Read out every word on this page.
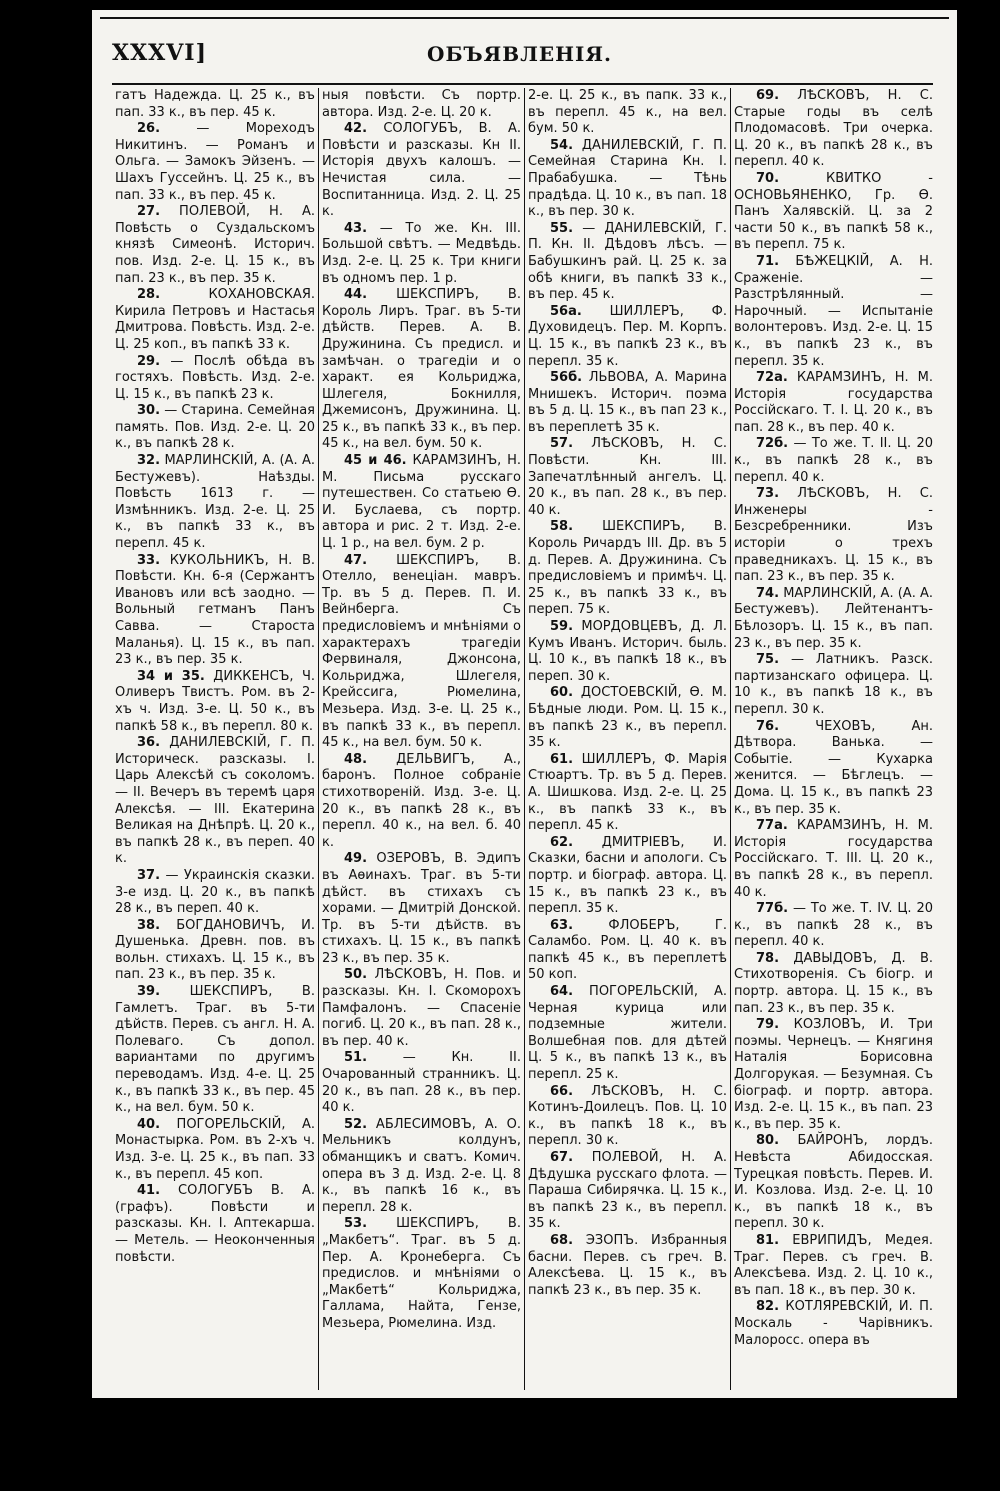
XXXVI]	ОБЪЯВЛЕНІЯ.

гатъ Надежда. Ц. 25 к., въ пап. 33 к., въ пер. 45 к.

26.	— Мореходъ Никитинъ. — Романъ и Ольга. — Замокъ Эйзенъ. — Шахъ Гуссейнъ. Ц. 25 к., въ пап. 33 к., въ пер. 45 к.

27. ПОЛЕВОЙ, Н. А. Повѣсть о Суздальскомъ князѣ Симеонѣ. Историч. пов. Изд. 2-е. Ц. 15 к., въ пап. 23 к., въ пер. 35 к.

28.	КОХАНОВСКАЯ. Кирила Петровъ и Настасья Дмитрова. Повѣсть. Изд. 2-е. Ц. 25 коп., въ папкѣ 33 к.

29. — Послѣ обѣда въ гостяхъ. Повѣсть. Изд. 2-е. Ц. 15 к., въ папкѣ 23 к.

30. — Старина. Семейная память. Пов. Изд. 2-е. Ц. 20 к., въ папкѣ 28 к.

32. МАРЛИНСКІЙ, А. (А. А. Бестужевъ). Наѣзды. Повѣсть 1613 г. — Измѣнникъ. Изд. 2-е. Ц. 25 к., въ папкѣ 33 к., въ перепл. 45 к.

33. КУКОЛЬНИКЪ, Н. В. Повѣсти. Кн. 6-я (Сержантъ Ивановъ или всѣ заодно. — Вольный гетманъ Панъ Савва. — Староста Маланья). Ц. 15 к., въ пап. 23 к., въ пер. 35 к.

34 и 35. ДИККЕНСЪ, Ч. Оливеръ Твистъ. Ром. въ 2-хъ ч. Изд. 3-е. Ц. 50 к., въ папкѣ 58 к., въ перепл. 80 к.

36. ДАНИЛЕВСКІЙ, Г. П. Историческ. разсказы. I. Царь Алексѣй съ соколомъ. — II. Вечеръ въ теремѣ царя Алексѣя. — III. Екатерина Великая на Днѣпрѣ. Ц. 20 к., въ папкѣ 28 к., въ переп. 40 к.

37. — Украинскія сказки. 3-е изд. Ц. 20 к., въ папкѣ 28 к., въ переп. 40 к.

38. БОГДАНОВИЧЪ, И. Душенька. Древн. пов. въ вольн. стихахъ. Ц. 15 к., въ пап. 23 к., въ пер. 35 к.

39. ШЕКСПИРЪ, В. Гамлетъ. Траг. въ 5-ти дѣйств. Перев. съ англ. Н. А. Полеваго. Съ допол. вариантами по другимъ переводамъ. Изд. 4-е. Ц. 25 к., въ папкѣ 33 к., въ пер. 45 к., на вел. бум. 50 к.

40. ПОГОРЕЛЬСКІЙ, А. Монастырка. Ром. въ 2-хъ ч. Изд. 3-е. Ц. 25 к., въ пап. 33 к., въ перепл. 45 коп.

41. СОЛОГУБЪ В. А. (графъ). Повѣсти и разсказы. Кн. I. Аптекарша. — Метель. — Неоконченныя повѣсти.

ныя повѣсти. Съ портр. автора. Изд. 2-е. Ц. 20 к.

42. СОЛОГУБЪ, В. А. Повѣсти и разсказы. Кн II. Исторія двухъ калошъ. — Нечистая сила. — Воспитанница. Изд. 2. Ц. 25 к.

43. — То же. Кн. III. Большой свѣтъ. — Медвѣдь. Изд. 2-е. Ц. 25 к. Три книги въ одномъ пер. 1 р.

44. ШЕКСПИРЪ, В. Король Лиръ. Траг. въ 5-ти дѣйств. Перев. А. В. Дружинина. Съ предисл. и замѣчан. о трагедіи и о характ. ея Кольриджа, Шлегеля, Бокнилля, Джемисонъ, Дружинина. Ц. 25 к., въ папкѣ 33 к., въ пер. 45 к., на вел. бум. 50 к.

45 и 46. КАРАМЗИНЪ, Н. М. Письма русскаго путешествен. Со статьею Ѳ. И. Буслаева, съ портр. автора и рис. 2 т. Изд. 2-е. Ц. 1 р., на вел. бум. 2 р.

47. ШЕКСПИРЪ, В. Отелло, венеціан. мавръ. Тр. въ 5 д. Перев. П. И. Вейнберга. Съ предисловіемъ и мнѣніями о характерахъ трагедіи Фервиналя, Джонсона, Кольриджа, Шлегеля, Крейсcига, Рюмелина, Мезьера. Изд. 3-е. Ц. 25 к., въ папкѣ 33 к., въ перепл. 45 к., на вел. бум. 50 к.

48. ДЕЛЬВИГЪ, А., баронъ. Полное собраніе стихотвореній. Изд. 3-е. Ц. 20 к., въ папкѣ 28 к., въ перепл. 40 к., на вел. б. 40 к.

49. ОЗЕРОВЪ, В. Эдипъ въ Аѳинахъ. Траг. въ 5-ти дѣйст. въ стихахъ съ хорами. — Дмитрій Донской. Тр. въ 5-ти дѣйств. въ стихахъ. Ц. 15 к., въ папкѣ 23 к., въ пер. 35 к.

50. ЛѢСКОВЪ, Н. Пов. и разсказы. Кн. I. Скоморохъ Памфалонъ. — Спасеніе погиб. Ц. 20 к., въ пап. 28 к., въ пер. 40 к.

51.	— Кн. II. Очарованный странникъ. Ц. 20 к., въ пап. 28 к., въ пер. 40 к.

52. АБЛЕСИМОВЪ, А. О. Мельникъ колдунъ, обманщикъ и сватъ. Комич. опера въ 3 д. Изд. 2-е. Ц. 8 к., въ папкѣ 16 к., въ перепл. 28 к.

53. ШЕКСПИРЪ, В. „Макбетъ“. Траг. въ 5 д. Пер. А. Кронеберга. Съ предислов. и мнѣніями о „Макбетѣ“ Кольриджа, Галлама, Найта, Гензе, Мезьера, Рюмелина. Изд.

2-е. Ц. 25 к., въ папк. 33 к., въ перепл. 45 к., на вел. бум. 50 к.

54. ДАНИЛЕВСКІЙ, Г. П. Семейная Старина Кн. I. Прабабушка. — Тѣнь прадѣда. Ц. 10 к., въ пап. 18 к., въ пер. 30 к.

55. — ДАНИЛЕВСКІЙ, Г. П. Кн. II. Дѣдовъ лѣсъ. — Бабушкинъ рай. Ц. 25 к. за обѣ книги, въ папкѣ 33 к., въ пер. 45 к.

56а. ШИЛЛЕРЪ, Ф. Духовидецъ. Пер. М. Корпъ. Ц. 15 к., въ папкѣ 23 к., въ перепл. 35 к.

56б. ЛЬВОВА, А. Марина Мнишекъ. Историч. поэма въ 5 д. Ц. 15 к., въ пап 23 к., въ переплетѣ 35 к.

57. ЛѢСКОВЪ, Н. С. Повѣсти. Кн. III. Запечатлѣнный ангелъ. Ц. 20 к., въ пап. 28 к., въ пер. 40 к.

58. ШЕКСПИРЪ, В. Король Ричардъ III. Др. въ 5 д. Перев. А. Дружинина. Съ предисловіемъ и примѣч. Ц. 25 к., въ папкѣ 33 к., въ переп. 75 к.

59. МОРДОВЦЕВЪ, Д. Л. Кумъ Иванъ. Историч. быль. Ц. 10 к., въ папкѣ 18 к., въ переп. 30 к.

60. ДОСТОЕВСКІЙ, Ѳ. М. Бѣдные люди. Ром. Ц. 15 к., въ папкѣ 23 к., въ перепл. 35 к.

61. ШИЛЛЕРЪ, Ф. Марія Стюартъ. Тр. въ 5 д. Перев. А. Шишкова. Изд. 2-е. Ц. 25 к., въ папкѣ 33 к., въ перепл. 45 к.

62. ДМИТРІЕВЪ, И. Сказки, басни и апологи. Съ портр. и біограф. автора. Ц. 15 к., въ папкѣ 23 к., въ перепл. 35 к.

63.	ФЛОБЕРЪ, Г. Саламбо. Ром. Ц. 40 к. въ папкѣ 45 к., въ переплетѣ 50 коп.

64. ПОГОРЕЛЬСКІЙ, А. Черная курица или подземные жители. Волшебная пов. для дѣтей Ц. 5 к., въ папкѣ 13 к., въ перепл. 25 к.

66. ЛѢСКОВЪ, Н. С. Котинъ-Доилецъ. Пов. Ц. 10 к., въ папкѣ 18 к., въ перепл. 30 к.

67. ПОЛЕВОЙ, Н. А. Дѣдушка русскаго флота. — Параша Сибирячка. Ц. 15 к., въ папкѣ 23 к., въ перепл. 35 к.

68. ЭЗОПЪ. Избранныя басни. Перев. съ греч. В. Алексѣева. Ц. 15 к., въ папкѣ 23 к., въ пер. 35 к.

69. ЛѢСКОВЪ, Н. С. Старые годы въ селѣ Плодомасовѣ. Три очерка. Ц. 20 к., въ папкѣ 28 к., въ перепл. 40 к.

70.	КВИТКО - ОСНОВЬЯНЕНКО, Гр. Ѳ. Панъ Халявскій. Ц. за 2 части 50 к., въ папкѣ 58 к., въ перепл. 75 к.

71. БѢЖЕЦКІЙ, А. Н. Сраженіе. — Разстрѣлянный. — Нарочный. — Испытаніе волонтеровъ. Изд. 2-е. Ц. 15 к., въ папкѣ 23 к., въ перепл. 35 к.

72а. КАРАМЗИНЪ, Н. М. Исторія государства Россійскаго. Т. I. Ц. 20 к., въ пап. 28 к., въ пер. 40 к.

72б. — То же. Т. II. Ц. 20 к., въ папкѣ 28 к., въ перепл. 40 к.

73. ЛѢСКОВЪ, Н. С. Инженеры - Безсребренники. Изъ исторіи о трехъ праведникахъ. Ц. 15 к., въ пап. 23 к., въ пер. 35 к.

74. МАРЛИНСКІЙ, А. (А. А. Бестужевъ). Лейтенантъ-Бѣлозоръ. Ц. 15 к., въ пап. 23 к., въ пер. 35 к.

75. — Латникъ. Разск. партизанскаго офицера. Ц. 10 к., въ папкѣ 18 к., въ перепл. 30 к.

76.	ЧЕХОВЪ, Ан. Дѣтвора. Ванька. — Событіе. — Кухарка женится. — Бѣглецъ. — Дома. Ц. 15 к., въ папкѣ 23 к., въ пер. 35 к.

77а. КАРАМЗИНЪ, Н. М. Исторія государства Россійскаго. Т. III. Ц. 20 к., въ папкѣ 28 к., въ перепл. 40 к.

77б. — То же. Т. IV. Ц. 20 к., въ папкѣ 28 к., въ перепл. 40 к.

78. ДАВЫДОВЪ, Д. В. Стихотворенія. Съ біогр. и портр. автора. Ц. 15 к., въ пап. 23 к., въ пер. 35 к.

79. КОЗЛОВЪ, И. Три поэмы. Чернецъ. — Княгиня Наталія Борисовна Долгорукая. — Безумная. Съ біограф. и портр. автора. Изд. 2-е. Ц. 15 к., въ пап. 23 к., въ пер. 35 к.

80. БАЙРОНЪ, лордъ. Невѣста Абидосская. Турецкая повѣсть. Перев. И. И. Козлова. Изд. 2-е. Ц. 10 к., въ папкѣ 18 к., въ перепл. 30 к.

81. ЕВРИПИДЪ, Медея. Траг. Перев. съ греч. В. Алексѣева. Изд. 2. Ц. 10 к., въ пап. 18 к., въ пер. 30 к.

82. КОТЛЯРЕВСКІЙ, И. П. Москаль - Чарівникъ. Малоросс. опера въ
